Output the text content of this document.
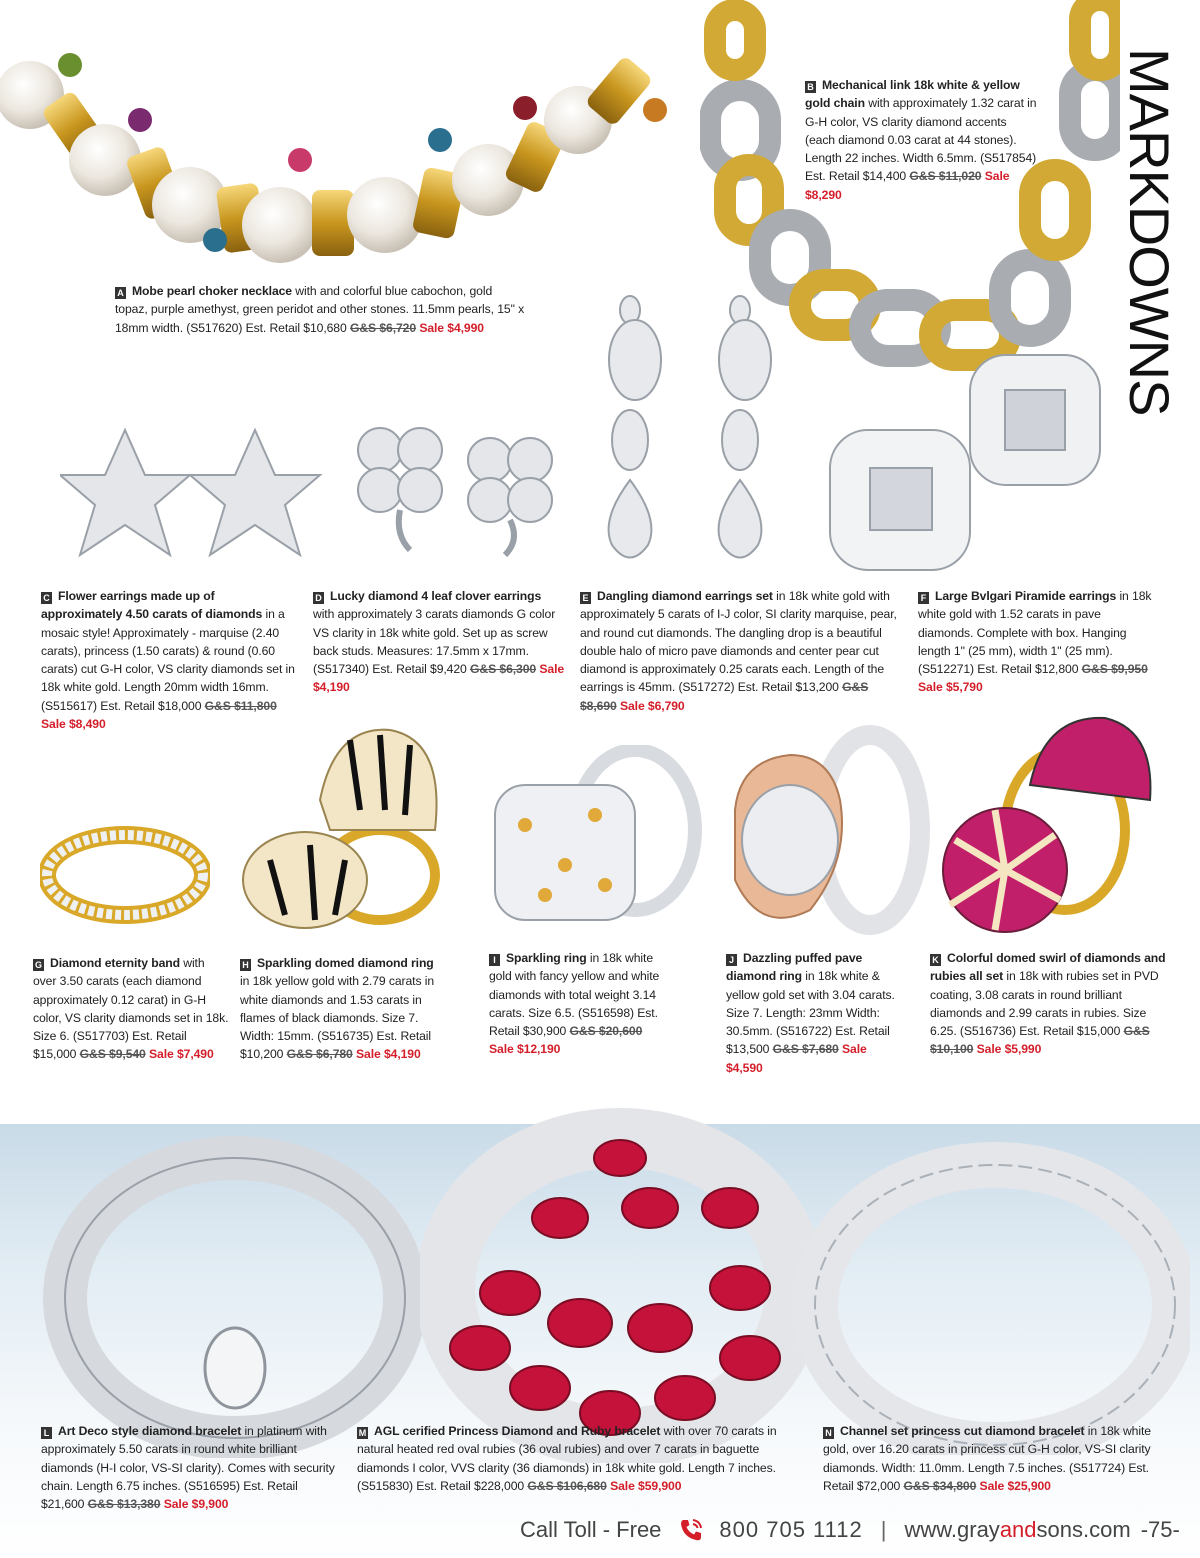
MARKDOWNS
A Mobe pearl choker necklace with and colorful blue cabochon, gold topaz, purple amethyst, green peridot and other stones. 11.5mm pearls, 15" x 18mm width. (S517620) Est. Retail $10,680 G&S $6,720 Sale $4,990
B Mechanical link 18k white & yellow gold chain with approximately 1.32 carat in G-H color, VS clarity diamond accents (each diamond 0.03 carat at 44 stones). Length 22 inches. Width 6.5mm. (S517854) Est. Retail $14,400 G&S $11,020 Sale $8,290
C Flower earrings made up of approximately 4.50 carats of diamonds in a mosaic style! Approximately - marquise (2.40 carats), princess (1.50 carats) & round (0.60 carats) cut G-H color, VS clarity diamonds set in 18k white gold. Length 20mm width 16mm. (S515617) Est. Retail $18,000 G&S $11,800 Sale $8,490
D Lucky diamond 4 leaf clover earrings with approximately 3 carats diamonds G color VS clarity in 18k white gold. Set up as screw back studs. Measures: 17.5mm x 17mm. (S517340) Est. Retail $9,420 G&S $6,300 Sale $4,190
E Dangling diamond earrings set in 18k white gold with approximately 5 carats of I-J color, SI clarity marquise, pear, and round cut diamonds. The dangling drop is a beautiful double halo of micro pave diamonds and center pear cut diamond is approximately 0.25 carats each. Length of the earrings is 45mm. (S517272) Est. Retail $13,200 G&S $8,690 Sale $6,790
F Large Bvlgari Piramide earrings in 18k white gold with 1.52 carats in pave diamonds. Complete with box. Hanging length 1" (25 mm), width 1" (25 mm). (S512271) Est. Retail $12,800 G&S $9,950 Sale $5,790
G Diamond eternity band with over 3.50 carats (each diamond approximately 0.12 carat) in G-H color, VS clarity diamonds set in 18k. Size 6. (S517703) Est. Retail $15,000 G&S $9,540 Sale $7,490
H Sparkling domed diamond ring in 18k yellow gold with 2.79 carats in white diamonds and 1.53 carats in flames of black diamonds. Size 7. Width: 15mm. (S516735) Est. Retail $10,200 G&S $6,780 Sale $4,190
I Sparkling ring in 18k white gold with fancy yellow and white diamonds with total weight 3.14 carats. Size 6.5. (S516598) Est. Retail $30,900 G&S $20,600 Sale $12,190
J Dazzling puffed pave diamond ring in 18k white & yellow gold set with 3.04 carats. Size 7. Length: 23mm Width: 30.5mm. (S516722) Est. Retail $13,500 G&S $7,680 Sale $4,590
K Colorful domed swirl of diamonds and rubies all set in 18k with rubies set in PVD coating, 3.08 carats in round brilliant diamonds and 2.99 carats in rubies. Size 6.25. (S516736) Est. Retail $15,000 G&S $10,100 Sale $5,990
L Art Deco style diamond bracelet in platinum with approximately 5.50 carats in round white brilliant diamonds (H-I color, VS-SI clarity). Comes with security chain. Length 6.75 inches. (S516595) Est. Retail $21,600 G&S $13,380 Sale $9,900
M AGL cerified Princess Diamond and Ruby bracelet with over 70 carats in natural heated red oval rubies (36 oval rubies) and over 7 carats in baguette diamonds I color, VVS clarity (36 diamonds) in 18k white gold. Length 7 inches. (S515830) Est. Retail $228,000 G&S $106,680 Sale $59,900
N Channel set princess cut diamond bracelet in 18k white gold, over 16.20 carats in princess cut G-H color, VS-SI clarity diamonds. Width: 11.0mm. Length 7.5 inches. (S517724) Est. Retail $72,000 G&S $34,800 Sale $25,900
Call Toll - Free	800 705 1112 | www.grayandsons.com -75-
